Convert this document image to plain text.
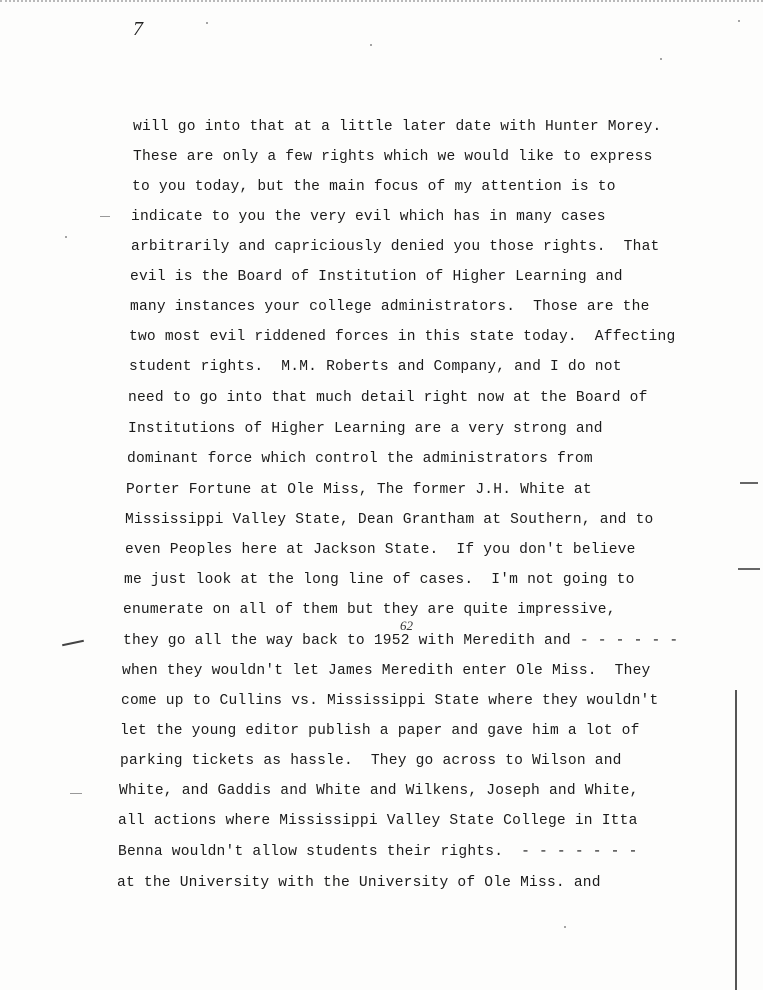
7
will go into that at a little later date with Hunter Morey.
These are only a few rights which we would like to express
to you today, but the main focus of my attention is to
indicate to you the very evil which has in many cases
arbitrarily and capriciously denied you those rights.  That
evil is the Board of Institution of Higher Learning and
many instances your college administrators.  Those are the
two most evil riddened forces in this state today.  Affecting
student rights.  M.M. Roberts and Company, and I do not
need to go into that much detail right now at the Board of
Institutions of Higher Learning are a very strong and
dominant force which control the administrators from
Porter Fortune at Ole Miss, The former J.H. White at
Mississippi Valley State, Dean Grantham at Southern, and to
even Peoples here at Jackson State.  If you don't believe
me just look at the long line of cases.  I'm not going to
enumerate on all of them but they are quite impressive,
they go all the way back to 1952 with Meredith and - - - - - -
when they wouldn't let James Meredith enter Ole Miss.  They
come up to Cullins vs. Mississippi State where they wouldn't
let the young editor publish a paper and gave him a lot of
parking tickets as hassle.  They go across to Wilson and
White, and Gaddis and White and Wilkens, Joseph and White,
all actions where Mississippi Valley State College in Itta
Benna wouldn't allow students their rights.  - - - - - - -
at the University with the University of Ole Miss. and
62
